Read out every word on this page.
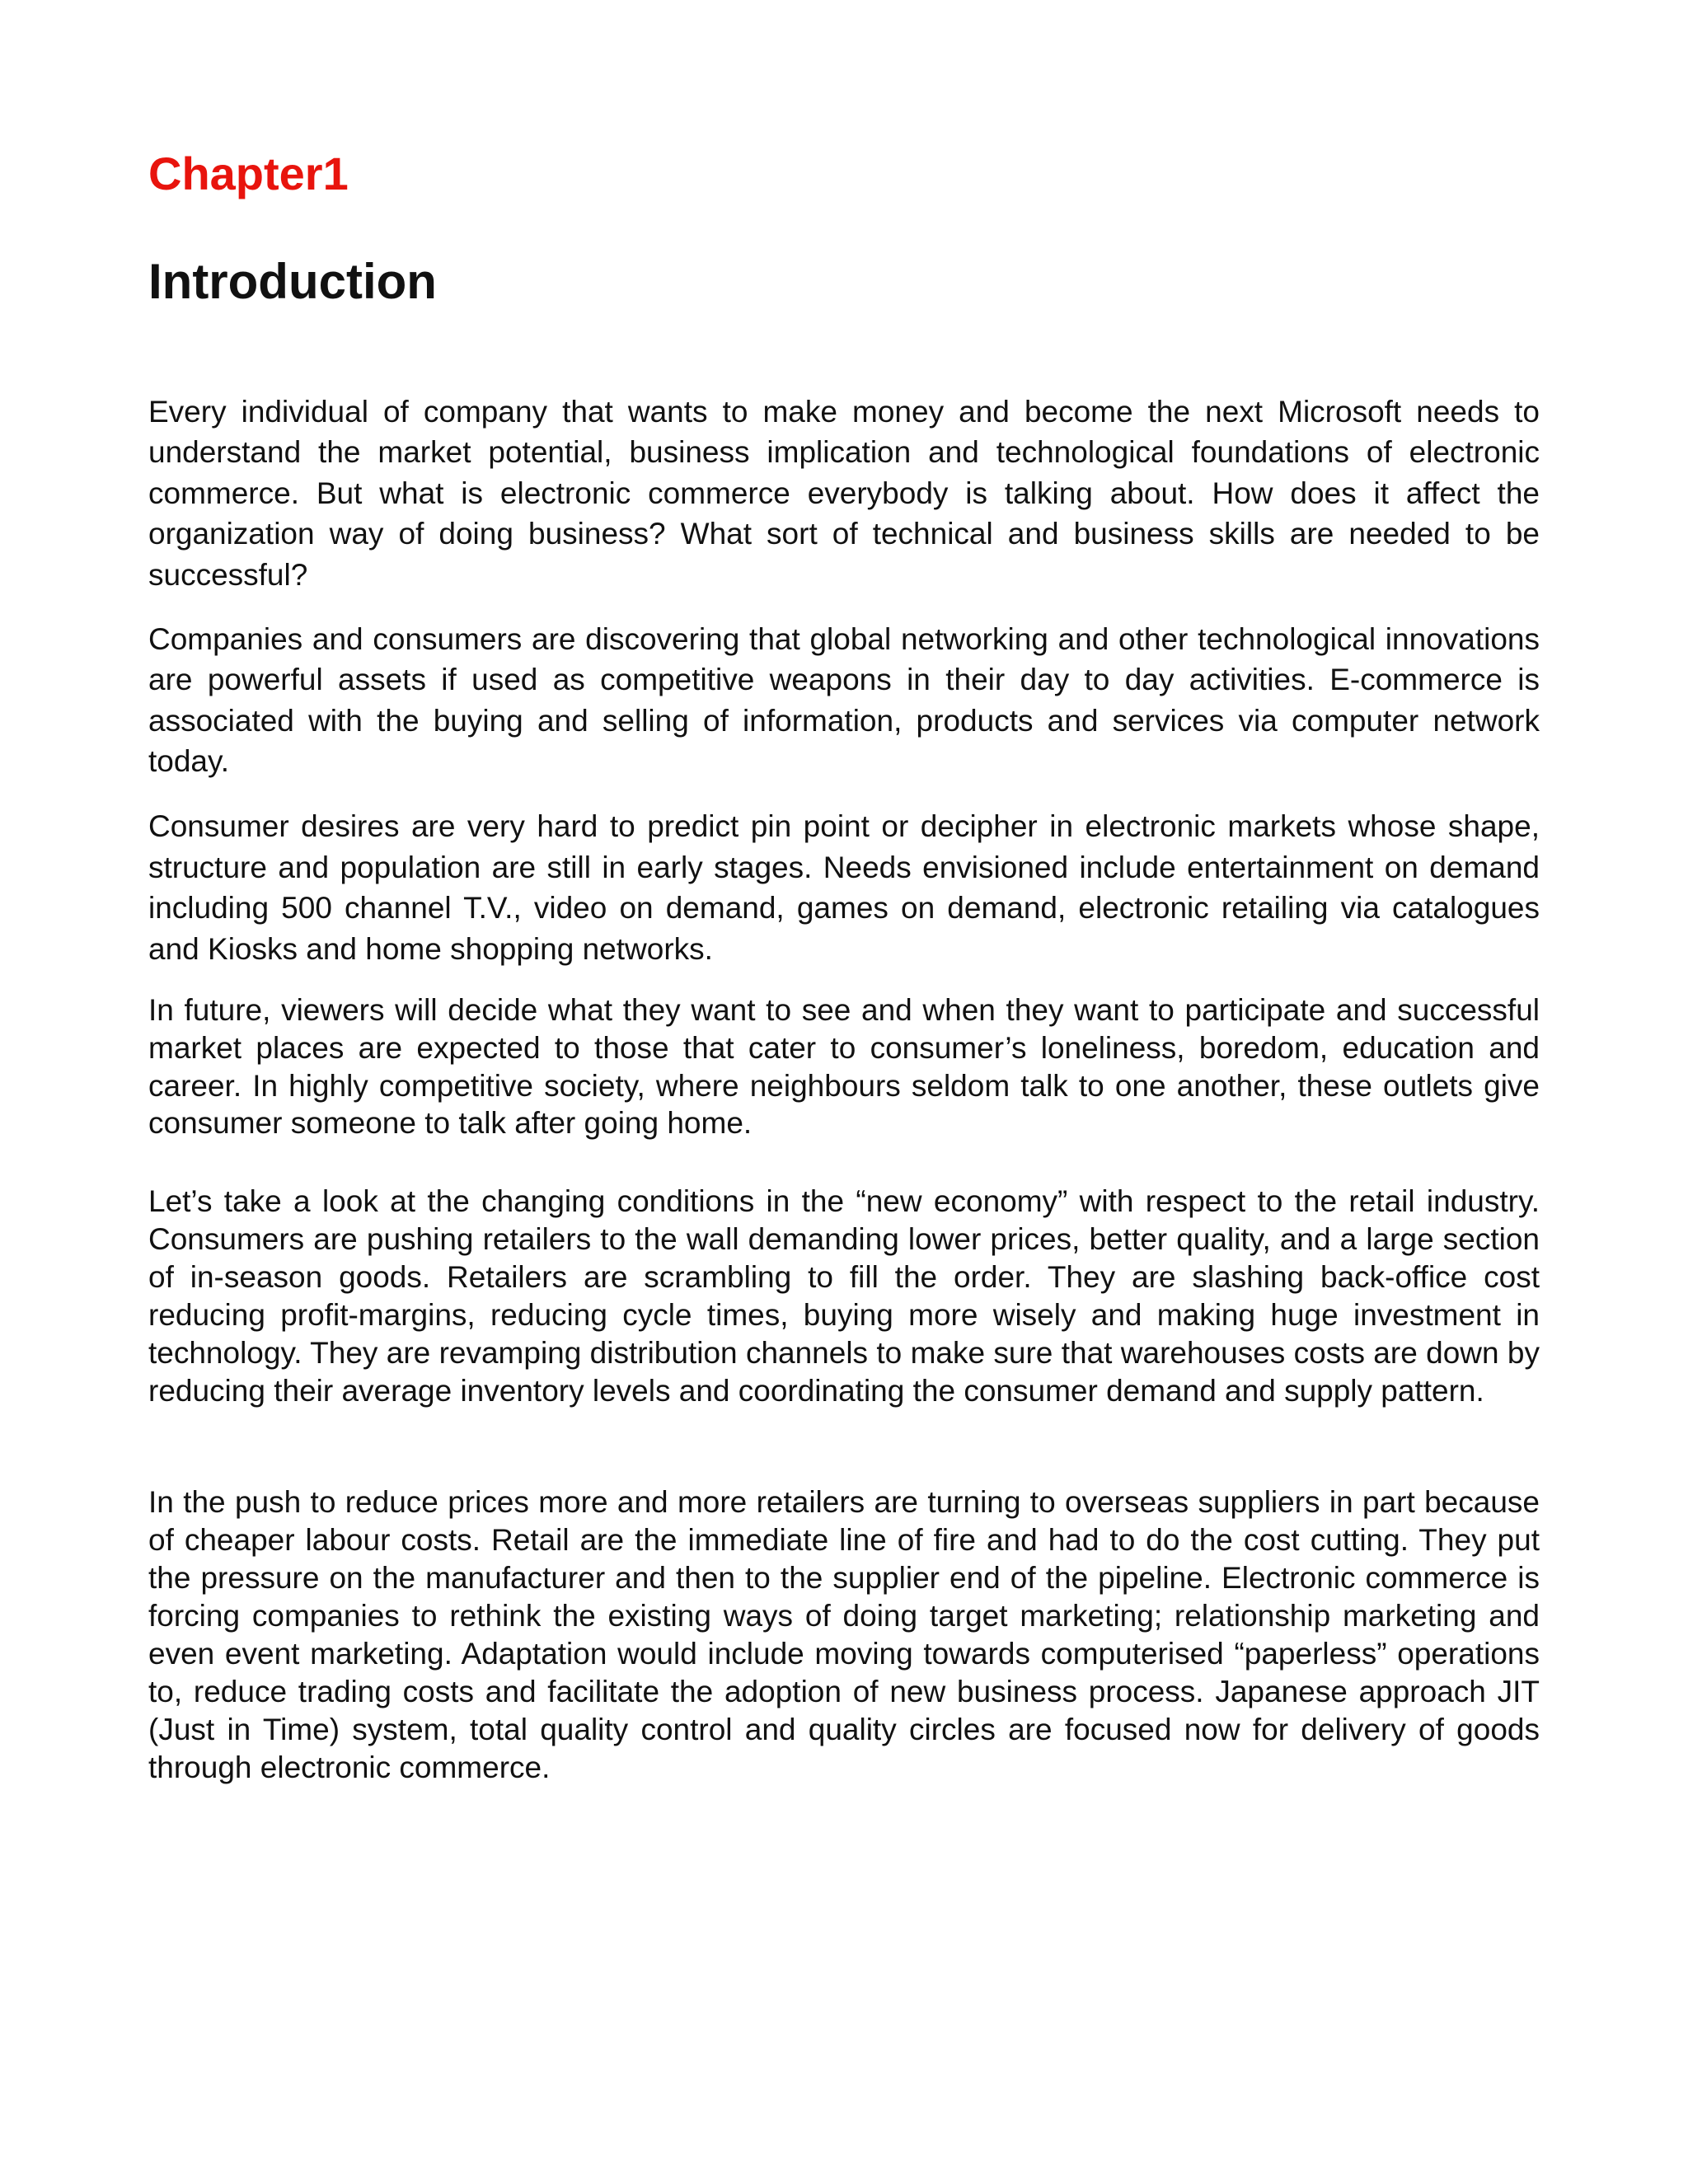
Chapter1
Introduction

Every individual of company that wants to make money and become the next Microsoft needs to understand the market potential, business implication and technological foundations of electronic commerce. But what is electronic commerce everybody is talking about. How does it affect the organization way of doing business? What sort of technical and business skills are needed to be successful?

Companies and consumers are discovering that global networking and other technological innovations are powerful assets if used as competitive weapons in their day to day activities. E-commerce is associated with the buying and selling of information, products and services via computer network today.

Consumer desires are very hard to predict pin point or decipher in electronic markets whose shape, structure and population are still in early stages. Needs envisioned include entertainment on demand including 500 channel T.V., video on demand, games on demand, electronic retailing via catalogues and Kiosks and home shopping networks.

In future, viewers will decide what they want to see and when they want to participate and successful market places are expected to those that cater to consumer’s loneliness, boredom, education and career. In highly competitive society, where neighbours seldom talk to one another, these outlets give consumer someone to talk after going home.

Let’s take a look at the changing conditions in the “new economy” with respect to the retail industry. Consumers are pushing retailers to the wall demanding lower prices, better quality, and a large section of in-season goods. Retailers are scrambling to fill the order. They are slashing back-office cost reducing profit-margins, reducing cycle times, buying more wisely and making huge investment in technology. They are revamping distribution channels to make sure that warehouses costs are down by reducing their average inventory levels and coordinating the consumer demand and supply pattern.

In the push to reduce prices more and more retailers are turning to overseas suppliers in part because of cheaper labour costs. Retail are the immediate line of fire and had to do the cost cutting. They put the pressure on the manufacturer and then to the supplier end of the pipeline. Electronic commerce is forcing companies to rethink the existing ways of doing target marketing; relationship marketing and even event marketing. Adaptation would include moving towards computerised “paperless” operations to, reduce trading costs and facilitate the adoption of new business process. Japanese approach JIT (Just in Time) system, total quality control and quality circles are focused now for delivery of goods through electronic commerce.
